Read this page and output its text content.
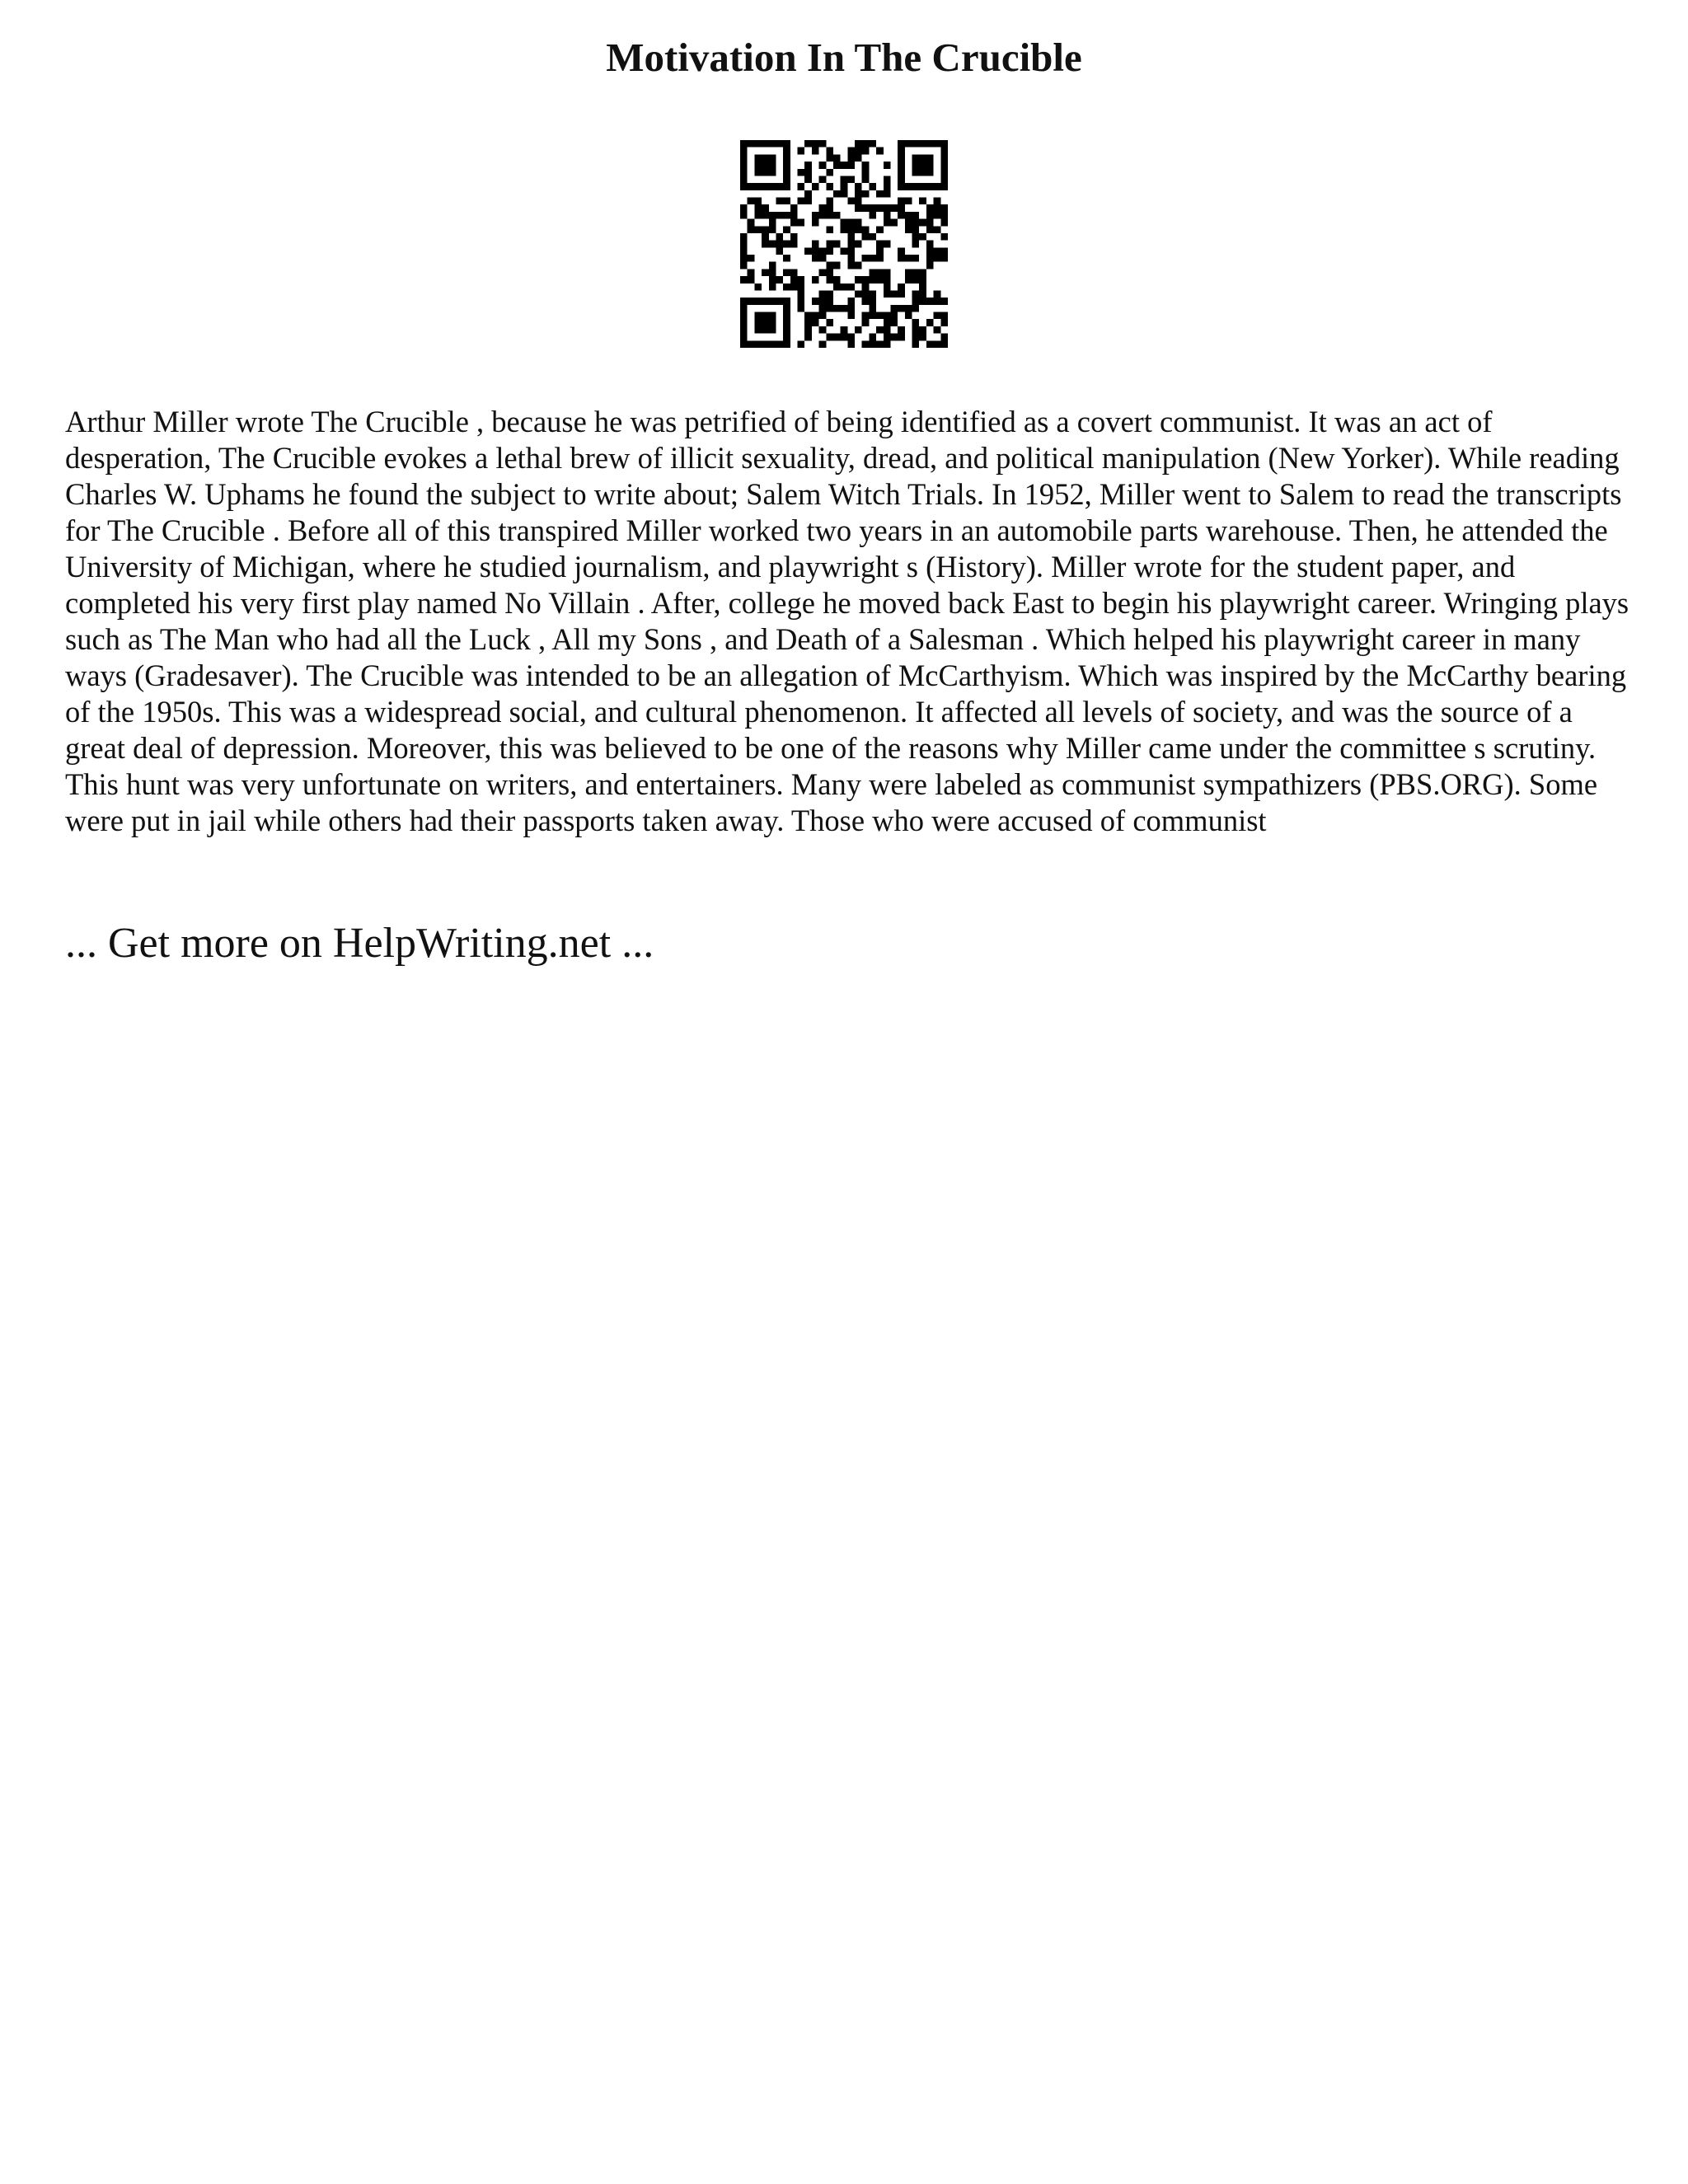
Motivation In The Crucible

Arthur Miller wrote The Crucible , because he was petrified of being identified as a covert communist. It was an act of desperation, The Crucible evokes a lethal brew of illicit sexuality, dread, and political manipulation (New Yorker). While reading Charles W. Uphams he found the subject to write about; Salem Witch Trials. In 1952, Miller went to Salem to read the transcripts for The Crucible . Before all of this transpired Miller worked two years in an automobile parts warehouse. Then, he attended the University of Michigan, where he studied journalism, and playwright s (History). Miller wrote for the student paper, and completed his very first play named No Villain . After, college he moved back East to begin his playwright career. Wringing plays such as The Man who had all the Luck , All my Sons , and Death of a Salesman . Which helped his playwright career in many ways (Gradesaver). The Crucible was intended to be an allegation of McCarthyism. Which was inspired by the McCarthy bearing of the 1950s. This was a widespread social, and cultural phenomenon. It affected all levels of society, and was the source of a great deal of depression. Moreover, this was believed to be one of the reasons why Miller came under the committee s scrutiny. This hunt was very unfortunate on writers, and entertainers. Many were labeled as communist sympathizers (PBS.ORG). Some were put in jail while others had their passports taken away. Those who were accused of communist

... Get more on HelpWriting.net ...
